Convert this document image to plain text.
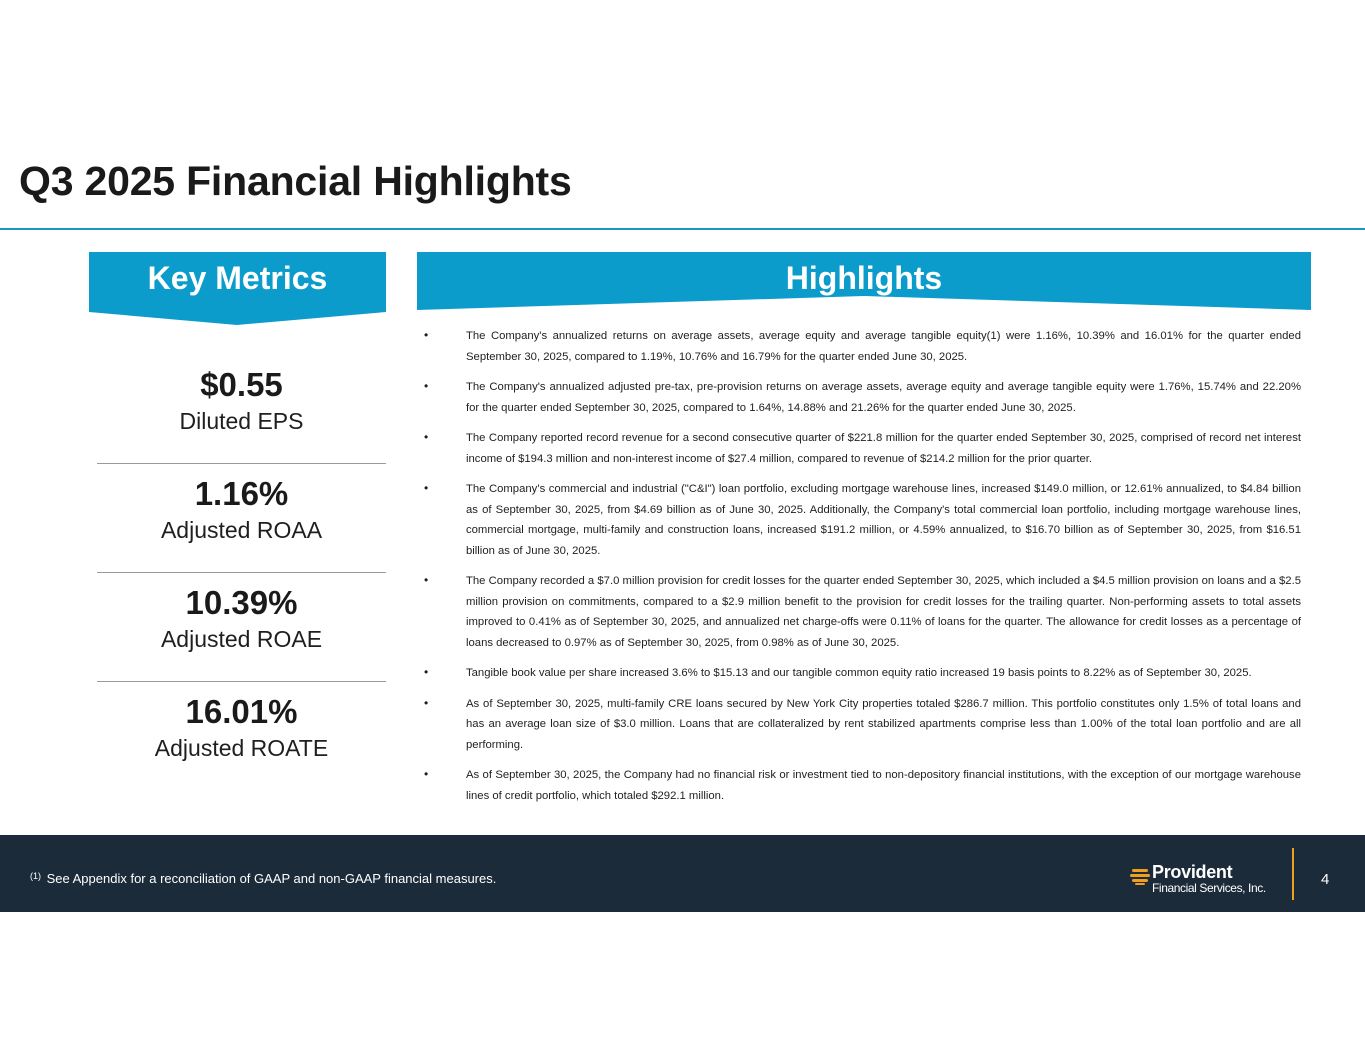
Q3 2025 Financial Highlights
Key Metrics	Highlights
$0.55
Diluted EPS
1.16%
Adjusted ROAA
10.39%
Adjusted ROAE
16.01%
Adjusted ROATE
•	The Company's annualized returns on average assets, average equity and average tangible equity(1) were 1.16%, 10.39% and 16.01% for the quarter ended September 30, 2025, compared to 1.19%, 10.76% and 16.79% for the quarter ended June 30, 2025.
•	The Company's annualized adjusted pre-tax, pre-provision returns on average assets, average equity and average tangible equity were 1.76%, 15.74% and 22.20% for the quarter ended September 30, 2025, compared to 1.64%, 14.88% and 21.26% for the quarter ended June 30, 2025.
•	The Company reported record revenue for a second consecutive quarter of $221.8 million for the quarter ended September 30, 2025, comprised of record net interest income of $194.3 million and non-interest income of $27.4 million, compared to revenue of $214.2 million for the prior quarter.
•	The Company’s commercial and industrial ("C&I") loan portfolio, excluding mortgage warehouse lines, increased $149.0 million, or 12.61% annualized, to $4.84 billion as of September 30, 2025, from $4.69 billion as of June 30, 2025. Additionally, the Company's total commercial loan portfolio, including mortgage warehouse lines, commercial mortgage, multi-family and construction loans, increased $191.2 million, or 4.59% annualized, to $16.70 billion as of September 30, 2025, from $16.51 billion as of June 30, 2025.
•	The Company recorded a $7.0 million provision for credit losses for the quarter ended September 30, 2025, which included a $4.5 million provision on loans and a $2.5 million provision on commitments, compared to a $2.9 million benefit to the provision for credit losses for the trailing quarter. Non-performing assets to total assets improved to 0.41% as of September 30, 2025, and annualized net charge-offs were 0.11% of loans for the quarter. The allowance for credit losses as a percentage of loans decreased to 0.97% as of September 30, 2025, from 0.98% as of June 30, 2025.
•	Tangible book value per share increased 3.6% to $15.13 and our tangible common equity ratio increased 19 basis points to 8.22% as of September 30, 2025.
•	As of September 30, 2025, multi-family CRE loans secured by New York City properties totaled $286.7 million. This portfolio constitutes only 1.5% of total loans and has an average loan size of $3.0 million. Loans that are collateralized by rent stabilized apartments comprise less than 1.00% of the total loan portfolio and are all performing.
•	As of September 30, 2025, the Company had no financial risk or investment tied to non-depository financial institutions, with the exception of our mortgage warehouse lines of credit portfolio, which totaled $292.1 million.
$^{(1)}$ See Appendix for a reconciliation of GAAP and non-GAAP financial measures.	Provident
Financial Services, Inc.	4
